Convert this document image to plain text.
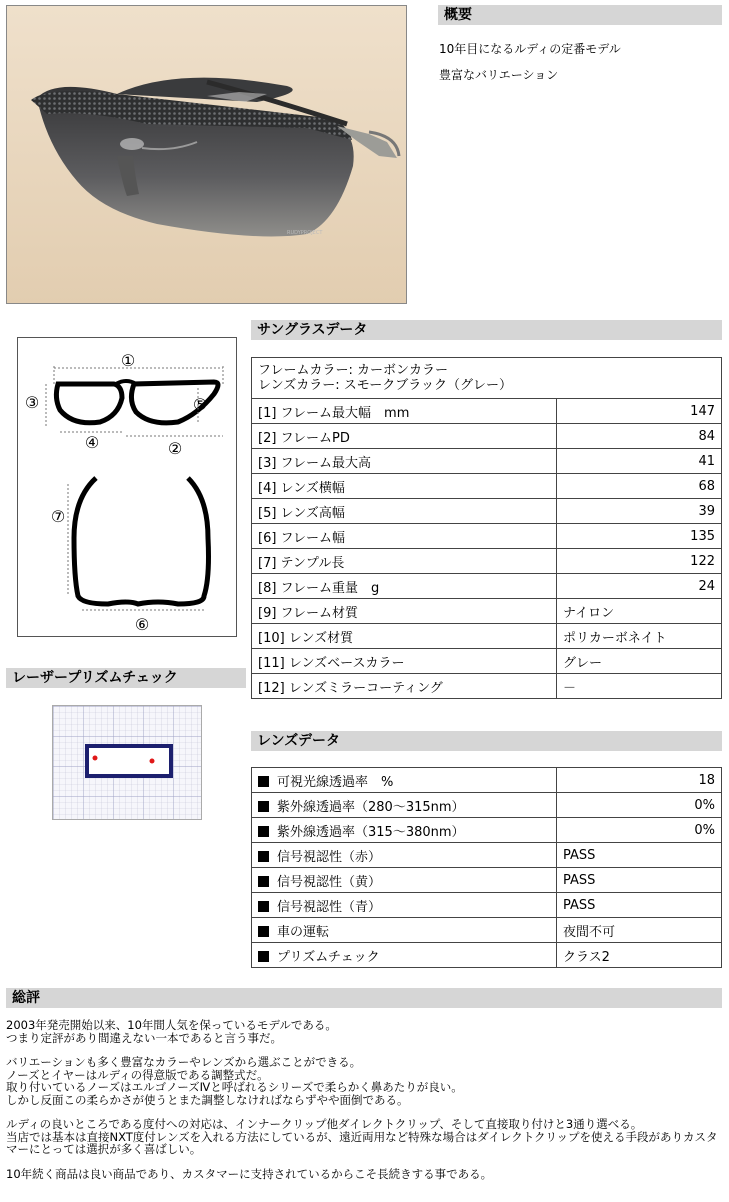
RUDYPROJECT
概要
10年目になるルディの定番モデル
豊富なバリエーション
①
③	⑤
④	②
⑦
⑥
レーザープリズムチェック
サングラスデータ
フレームカラー: カーボンカラー
レンズカラー: スモークブラック（グレー）	

[1] フレーム最大幅　mm	147
[2] フレームPD	84
[3] フレーム最大高	41
[4] レンズ横幅	68
[5] レンズ高幅	39
[6] フレーム幅	135
[7] テンプル長	122
[8] フレーム重量　g	24
[9] フレーム材質	ナイロン
[10] レンズ材質	ポリカーボネイト
[11] レンズベースカラー	グレー
[12] レンズミラーコーティング	－
レンズデータ
可視光線透過率　%	18
紫外線透過率（280～315nm）	0%
紫外線透過率（315～380nm）	0%
信号視認性（赤）	PASS
信号視認性（黄）	PASS
信号視認性（青）	PASS
車の運転	夜間不可
プリズムチェック	クラス2
総評

2003年発売開始以来、10年間人気を保っているモデルである。
つまり定評があり間違えない一本であると言う事だ。

バリエーションも多く豊富なカラーやレンズから選ぶことができる。
ノーズとイヤーはルディの得意版である調整式だ。
取り付いているノーズはエルゴノーズⅣと呼ばれるシリーズで柔らかく鼻あたりが良い。
しかし反面この柔らかさが使うとまた調整しなければならずやや面倒である。

ルディの良いところである度付への対応は、インナークリップ他ダイレクトクリップ、そして直接取り付けと3通り選べる。
当店では基本は直接NXT度付レンズを入れる方法にしているが、遠近両用など特殊な場合はダイレクトクリップを使える手段がありカスタマーにとっては選択が多く喜ばしい。

10年続く商品は良い商品であり、カスタマーに支持されているからこそ長続きする事である。
